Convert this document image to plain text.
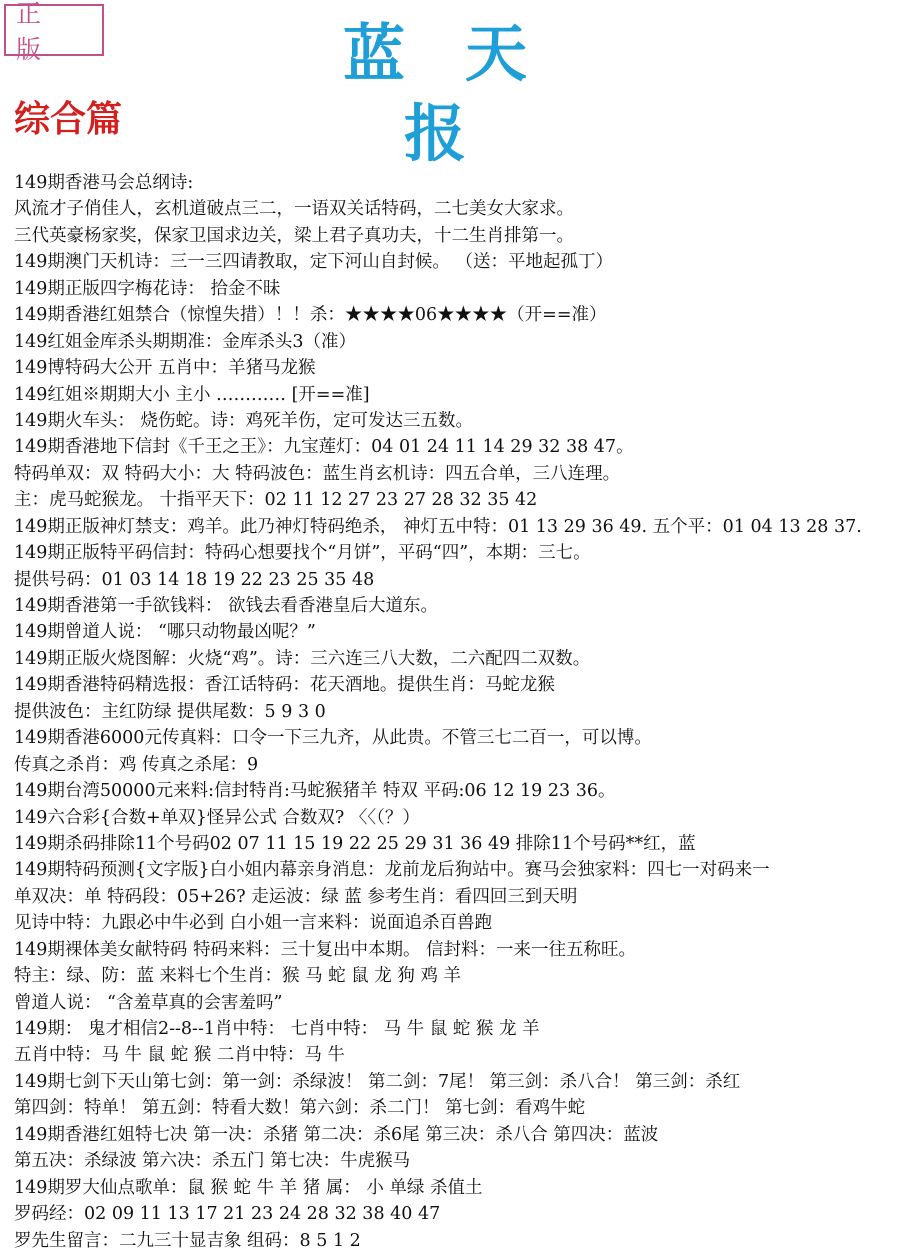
正 版	蓝天报
综合篇
149期香港马会总纲诗:
风流才子俏佳人，玄机道破点三二，一语双关话特码，二七美女大家求。
三代英豪杨家奖，保家卫国求边关，梁上君子真功夫，十二生肖排第一。
149期澳门天机诗：三一三四请教取，定下河山自封候。 （送：平地起孤丁）
149期正版四字梅花诗： 拾金不昧
149期香港红姐禁合（惊惶失措）！！杀：★★★★06★★★★（开==准）
149红姐金库杀头期期准：金库杀头3（准）
149博特码大公开 五肖中：羊猪马龙猴
149红姐※期期大小 主小 ………… [开==准]
149期火车头： 烧伤蛇。诗：鸡死羊伤，定可发达三五数。
149期香港地下信封《千王之王》：九宝莲灯：04 01 24 11 14 29 32 38 47。
特码单双：双 特码大小：大 特码波色：蓝生肖玄机诗：四五合单，三八连理。
主：虎马蛇猴龙。 十指平天下：02 11 12 27 23 27 28 32 35 42
149期正版神灯禁支：鸡羊。此乃神灯特码绝杀， 神灯五中特：01 13 29 36 49. 五个平：01 04 13 28 37.
149期正版特平码信封：特码心想要找个“月饼”，平码“四”，本期：三七。
提供号码：01 03 14 18 19 22 23 25 35 48
149期香港第一手欲钱料： 欲钱去看香港皇后大道东。
149期曾道人说： “哪只动物最凶呢？”
149期正版火烧图解：火烧“鸡”。诗：三六连三八大数，二六配四二双数。
149期香港特码精选报：香江话特码：花天酒地。提供生肖：马蛇龙猴
提供波色：主红防绿 提供尾数：5 9 3 0
149期香港6000元传真料：口令一下三九齐，从此贵。不管三七二百一，可以博。
传真之杀肖：鸡 传真之杀尾：9
149期台湾50000元来料:信封特肖:马蛇猴猪羊 特双 平码:06 12 19 23 36。
149六合彩{合数+单双}怪异公式 合数双? 〈〈（？）
149期杀码排除11个号码02 07 11 15 19 22 25 29 31 36 49 排除11个号码**红，蓝
149期特码预测{文字版}白小姐内幕亲身消息：龙前龙后狗站中。赛马会独家料：四七一对码来一
单双决：单 特码段：05+26? 走运波：绿 蓝 参考生肖：看四回三到天明
见诗中特：九跟必中牛必到 白小姐一言来料：说面追杀百兽跑
149期裸体美女献特码 特码来料：三十复出中本期。 信封料：一来一往五称旺。
特主：绿、防：蓝 来料七个生肖：猴 马 蛇 鼠 龙 狗 鸡 羊
曾道人说： “含羞草真的会害羞吗”
149期： 鬼才相信2--8--1肖中特： 七肖中特： 马 牛 鼠 蛇 猴 龙 羊
五肖中特：马 牛 鼠 蛇 猴 二肖中特：马 牛
149期七剑下天山第七剑：第一剑：杀绿波！ 第二剑：7尾！ 第三剑：杀八合！ 第三剑：杀红
第四剑：特单！ 第五剑：特看大数！第六剑：杀二门！ 第七剑：看鸡牛蛇
149期香港红姐特七决 第一决：杀猪 第二决：杀6尾 第三决：杀八合 第四决：蓝波
第五决：杀绿波 第六决：杀五门 第七决：牛虎猴马
149期罗大仙点歌单：鼠 猴 蛇 牛 羊 猪 属： 小 单绿 杀值土
罗码经：02 09 11 13 17 21 23 24 28 32 38 40 47
罗先生留言：二九三十显吉象 组码：8 5 1 2
